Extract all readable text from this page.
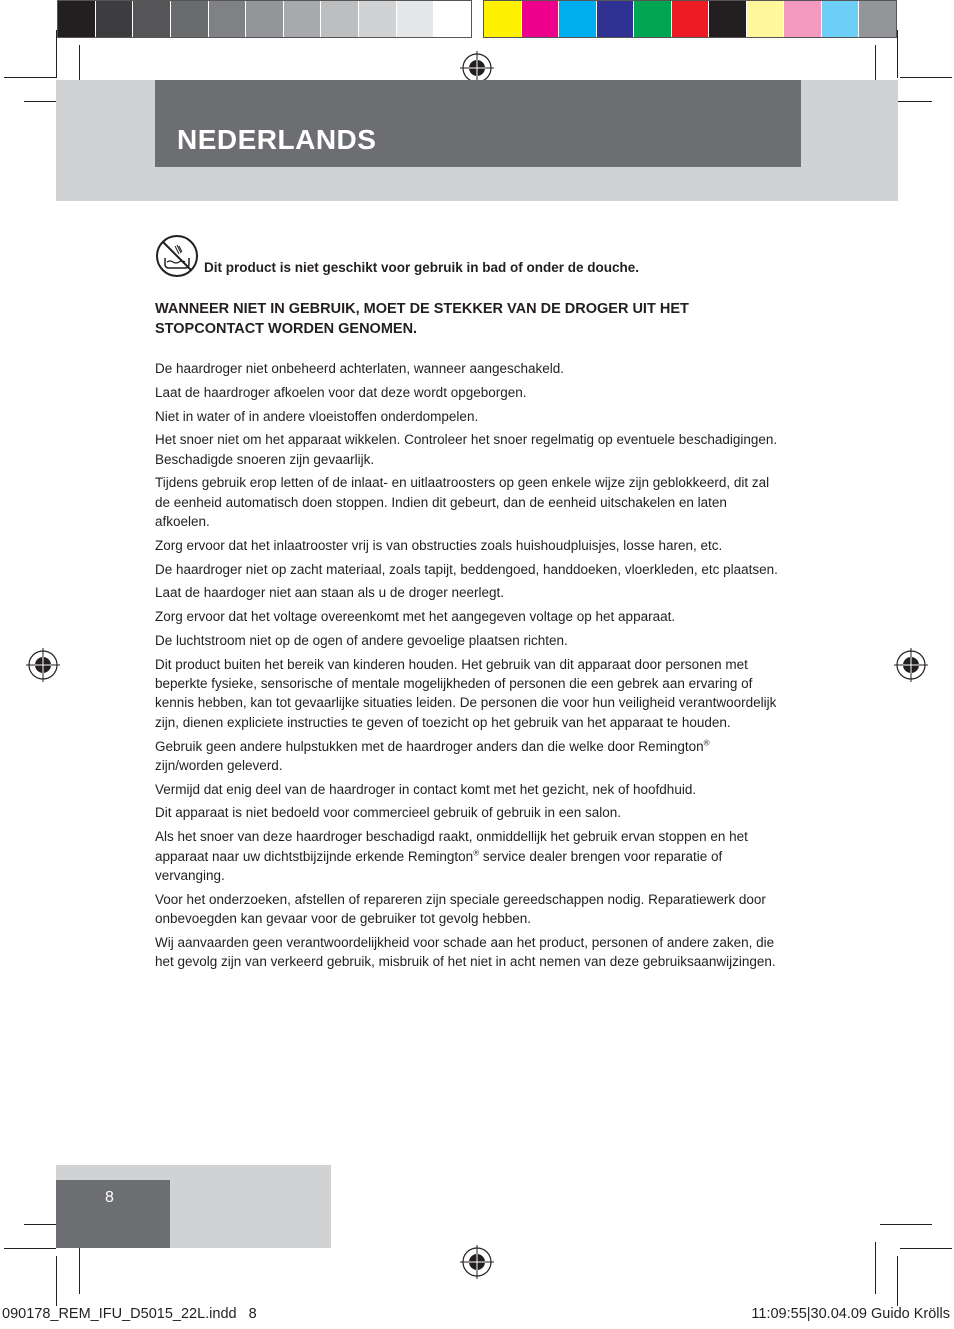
NEDERLANDS
Dit product is niet geschikt voor gebruik in bad of onder de douche.

WANNEER NIET IN GEBRUIK, MOET DE STEKKER VAN DE DROGER UIT HET STOPCONTACT WORDEN GENOMEN.

De haardroger niet onbeheerd achterlaten, wanneer aangeschakeld.

Laat de haardroger afkoelen voor dat deze wordt opgeborgen.

Niet in water of in andere vloeistoffen onderdompelen.

Het snoer niet om het apparaat wikkelen. Controleer het snoer regelmatig op eventuele beschadigingen. Beschadigde snoeren zijn gevaarlijk.

Tijdens gebruik erop letten of de inlaat- en uitlaatroosters op geen enkele wijze zijn geblokkeerd, dit zal de eenheid automatisch doen stoppen. Indien dit gebeurt, dan de eenheid uitschakelen en laten afkoelen.

Zorg ervoor dat het inlaatrooster vrij is van obstructies zoals huishoudpluisjes, losse haren, etc.

De haardroger niet op zacht materiaal, zoals tapijt, beddengoed, handdoeken, vloerkleden, etc plaatsen.

Laat de haardoger niet aan staan als u de droger neerlegt.

Zorg ervoor dat het voltage overeenkomt met het aangegeven voltage op het apparaat.

De luchtstroom niet op de ogen of andere gevoelige plaatsen richten.

Dit product buiten het bereik van kinderen houden. Het gebruik van dit apparaat door personen met beperkte fysieke, sensorische of mentale mogelijkheden of personen die een gebrek aan ervaring of kennis hebben, kan tot gevaarlijke situaties leiden. De personen die voor hun veiligheid verantwoordelijk zijn, dienen expliciete instructies te geven of toezicht op het gebruik van het apparaat te houden.

Gebruik geen andere hulpstukken met de haardroger anders dan die welke door Remington® zijn/worden geleverd.

Vermijd dat enig deel van de haardroger in contact komt met het gezicht, nek of hoofdhuid.

Dit apparaat is niet bedoeld voor commercieel gebruik of gebruik in een salon.

Als het snoer van deze haardroger beschadigd raakt, onmiddellijk het gebruik ervan stoppen en het apparaat naar uw dichtstbijzijnde erkende Remington® service dealer brengen voor reparatie of vervanging.

Voor het onderzoeken, afstellen of repareren zijn speciale gereedschappen nodig. Reparatiewerk door onbevoegden kan gevaar voor de gebruiker tot gevolg hebben.

Wij aanvaarden geen verantwoordelijkheid voor schade aan het product, personen of andere zaken, die het gevolg zijn van verkeerd gebruik, misbruik of het niet in acht nemen van deze gebruiksaanwijzingen.

8
090178_REM_IFU_D5015_22L.indd   8	11:09:55|30.04.09 Guido Krölls
